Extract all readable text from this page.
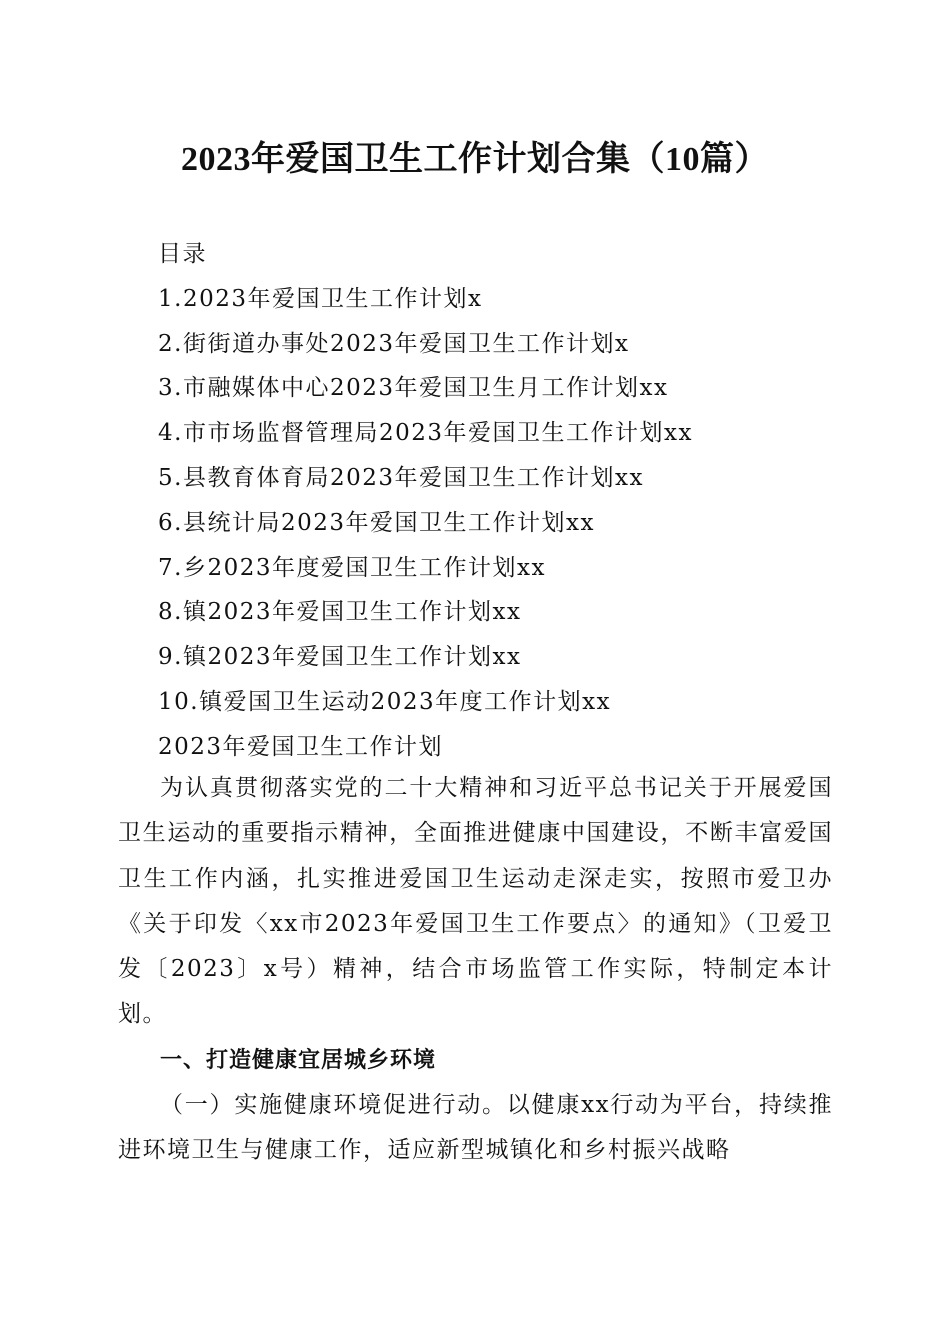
2023年爱国卫生工作计划合集（10篇）
目录
1.2023年爱国卫生工作计划x
2.街街道办事处2023年爱国卫生工作计划x
3.市融媒体中心2023年爱国卫生月工作计划xx
4.市市场监督管理局2023年爱国卫生工作计划xx
5.县教育体育局2023年爱国卫生工作计划xx
6.县统计局2023年爱国卫生工作计划xx
7.乡2023年度爱国卫生工作计划xx
8.镇2023年爱国卫生工作计划xx
9.镇2023年爱国卫生工作计划xx
10.镇爱国卫生运动2023年度工作计划xx
2023年爱国卫生工作计划

为认真贯彻落实党的二十大精神和习近平总书记关于开展爱国卫生运动的重要指示精神，全面推进健康中国建设，不断丰富爱国卫生工作内涵，扎实推进爱国卫生运动走深走实，按照市爱卫办《关于印发〈xx市2023年爱国卫生工作要点〉的通知》（卫爱卫发〔2023〕x号）精神，结合市场监管工作实际，特制定本计划。

一、打造健康宜居城乡环境

（一）实施健康环境促进行动。以健康xx行动为平台，持续推进环境卫生与健康工作，适应新型城镇化和乡村振兴战略
